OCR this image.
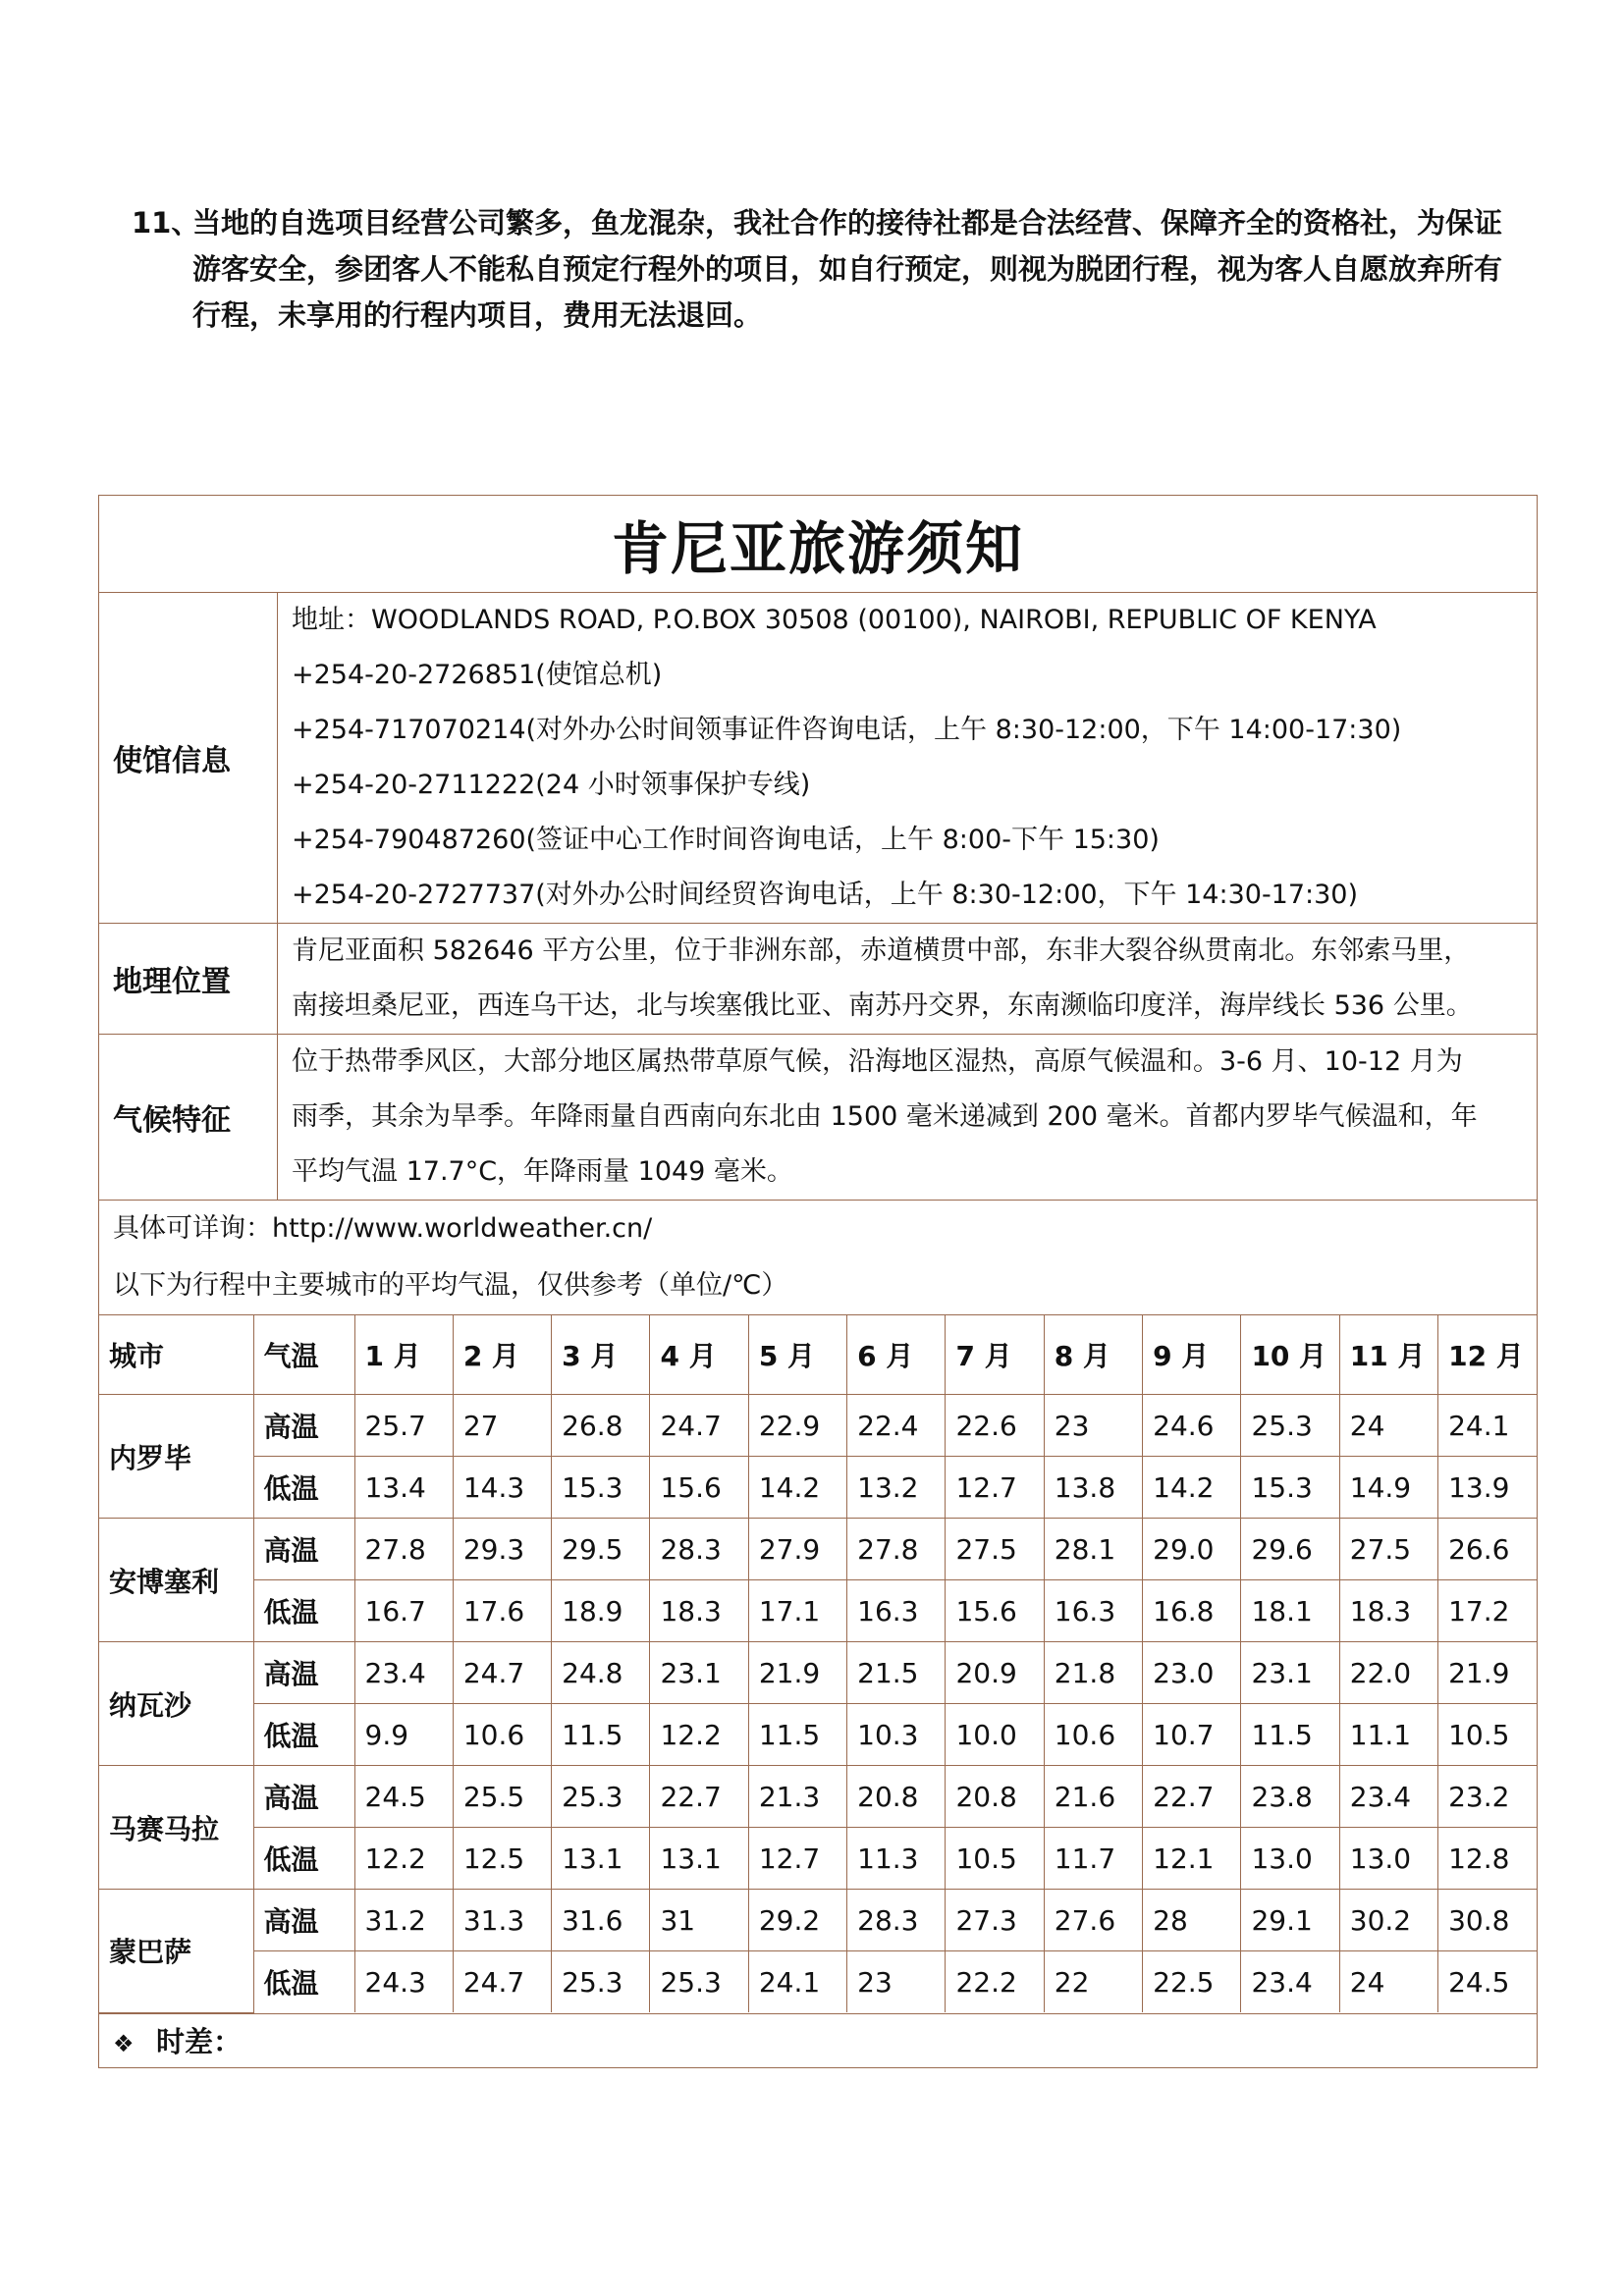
11、
当地的自选项目经营公司繁多，鱼龙混杂，我社合作的接待社都是合法经营、保障齐全的资格社，为保证游客安全，参团客人不能私自预定行程外的项目，如自行预定，则视为脱团行程，视为客人自愿放弃所有行程，未享用的行程内项目，费用无法退回。
肯尼亚旅游须知
使馆信息	
地址：WOODLANDS ROAD, P.O.BOX 30508 (00100), NAIROBI, REPUBLIC OF KENYA
+254-20-2726851(使馆总机)
+254-717070214(对外办公时间领事证件咨询电话，上午 8:30-12:00，下午 14:00-17:30)
+254-20-2711222(24 小时领事保护专线)
+254-790487260(签证中心工作时间咨询电话，上午 8:00-下午 15:30)
+254-20-2727737(对外办公时间经贸咨询电话，上午 8:30-12:00，下午 14:30-17:30)

地理位置	
肯尼亚面积 582646 平方公里，位于非洲东部，赤道横贯中部，东非大裂谷纵贯南北。东邻索马里，
南接坦桑尼亚，西连乌干达，北与埃塞俄比亚、南苏丹交界，东南濒临印度洋，海岸线长 536 公里。

气候特征	
位于热带季风区，大部分地区属热带草原气候，沿海地区湿热，高原气候温和。3-6 月、10-12 月为
雨季，其余为旱季。年降雨量自西南向东北由 1500 毫米递减到 200 毫米。首都内罗毕气候温和，年
平均气温 17.7°C，年降雨量 1049 毫米。

具体可详询：http://www.worldweather.cn/
以下为行程中主要城市的平均气温，仅供参考（单位/℃）

城市	气温	1 月	2 月	3 月	4 月	5 月	6 月	7 月	8 月	9 月	10 月	11 月	12 月
内罗毕	高温	25.7	27	26.8	24.7	22.9	22.4	22.6	23	24.6	25.3	24	24.1
低温	13.4	14.3	15.3	15.6	14.2	13.2	12.7	13.8	14.2	15.3	14.9	13.9
安博塞利	高温	27.8	29.3	29.5	28.3	27.9	27.8	27.5	28.1	29.0	29.6	27.5	26.6
低温	16.7	17.6	18.9	18.3	17.1	16.3	15.6	16.3	16.8	18.1	18.3	17.2
纳瓦沙	高温	23.4	24.7	24.8	23.1	21.9	21.5	20.9	21.8	23.0	23.1	22.0	21.9
低温	9.9	10.6	11.5	12.2	11.5	10.3	10.0	10.6	10.7	11.5	11.1	10.5
马赛马拉	高温	24.5	25.5	25.3	22.7	21.3	20.8	20.8	21.6	22.7	23.8	23.4	23.2
低温	12.2	12.5	13.1	13.1	12.7	11.3	10.5	11.7	12.1	13.0	13.0	12.8
蒙巴萨	高温	31.2	31.3	31.6	31	29.2	28.3	27.3	27.6	28	29.1	30.2	30.8
低温	24.3	24.7	25.3	25.3	24.1	23	22.2	22	22.5	23.4	24	24.5

❖ 时差：
